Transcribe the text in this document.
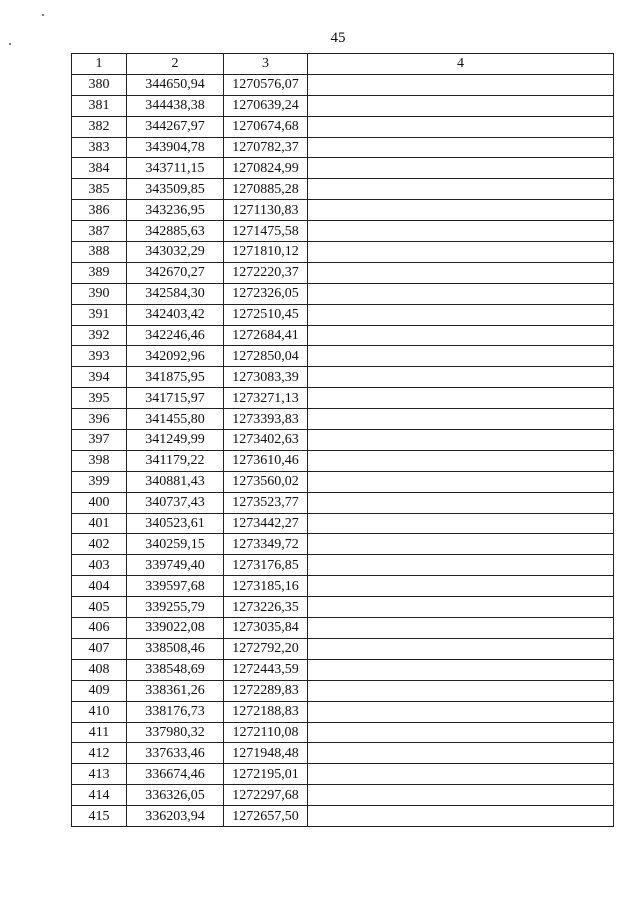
45
1	2	3	4
380	344650,94	1270576,07	
381	344438,38	1270639,24	
382	344267,97	1270674,68	
383	343904,78	1270782,37	
384	343711,15	1270824,99	
385	343509,85	1270885,28	
386	343236,95	1271130,83	
387	342885,63	1271475,58	
388	343032,29	1271810,12	
389	342670,27	1272220,37	
390	342584,30	1272326,05	
391	342403,42	1272510,45	
392	342246,46	1272684,41	
393	342092,96	1272850,04	
394	341875,95	1273083,39	
395	341715,97	1273271,13	
396	341455,80	1273393,83	
397	341249,99	1273402,63	
398	341179,22	1273610,46	
399	340881,43	1273560,02	
400	340737,43	1273523,77	
401	340523,61	1273442,27	
402	340259,15	1273349,72	
403	339749,40	1273176,85	
404	339597,68	1273185,16	
405	339255,79	1273226,35	
406	339022,08	1273035,84	
407	338508,46	1272792,20	
408	338548,69	1272443,59	
409	338361,26	1272289,83	
410	338176,73	1272188,83	
411	337980,32	1272110,08	
412	337633,46	1271948,48	
413	336674,46	1272195,01	
414	336326,05	1272297,68	
415	336203,94	1272657,50	
